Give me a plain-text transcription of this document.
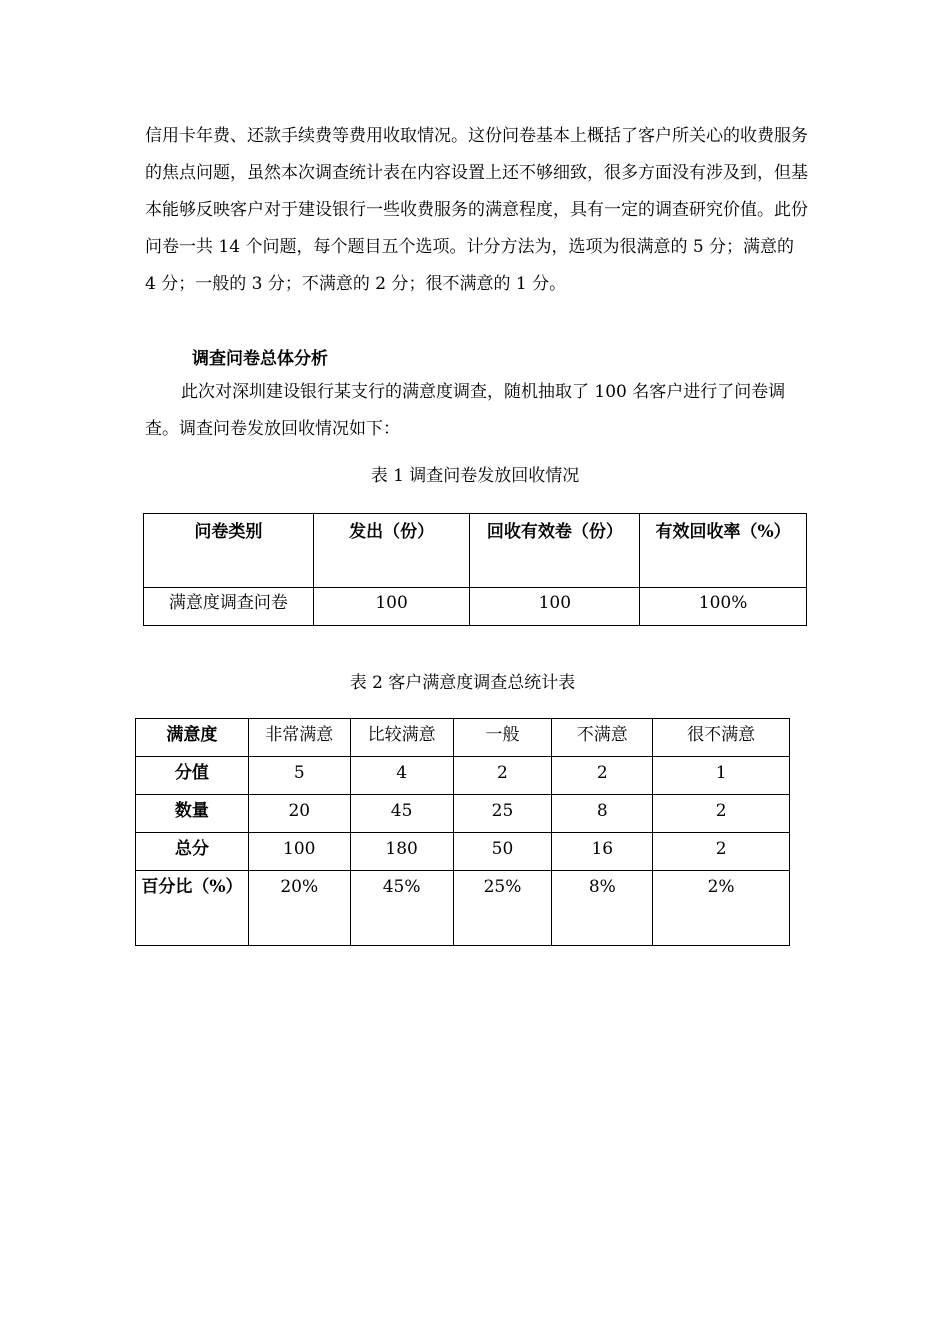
信用卡年费、还款手续费等费用收取情况。这份问卷基本上概括了客户所关心的收费服务的焦点问题，虽然本次调查统计表在内容设置上还不够细致，很多方面没有涉及到，但基本能够反映客户对于建设银行一些收费服务的满意程度，具有一定的调查研究价值。此份问卷一共 14 个问题，每个题目五个选项。计分方法为，选项为很满意的 5 分；满意的 4 分；一般的 3 分；不满意的 2 分；很不满意的 1 分。

调查问卷总体分析

此次对深圳建设银行某支行的满意度调查，随机抽取了 100 名客户进行了问卷调查。调查问卷发放回收情况如下：

表 1 调查问卷发放回收情况

问卷类别	发出（份）	回收有效卷（份）	有效回收率（%）
满意度调查问卷	100	100	100%

表 2 客户满意度调查总统计表

满意度	非常满意	比较满意	一般	不满意	很不满意
分值	5	4	2	2	1
数量	20	45	25	8	2
总分	100	180	50	16	2
百分比（%）	20%	45%	25%	8%	2%
